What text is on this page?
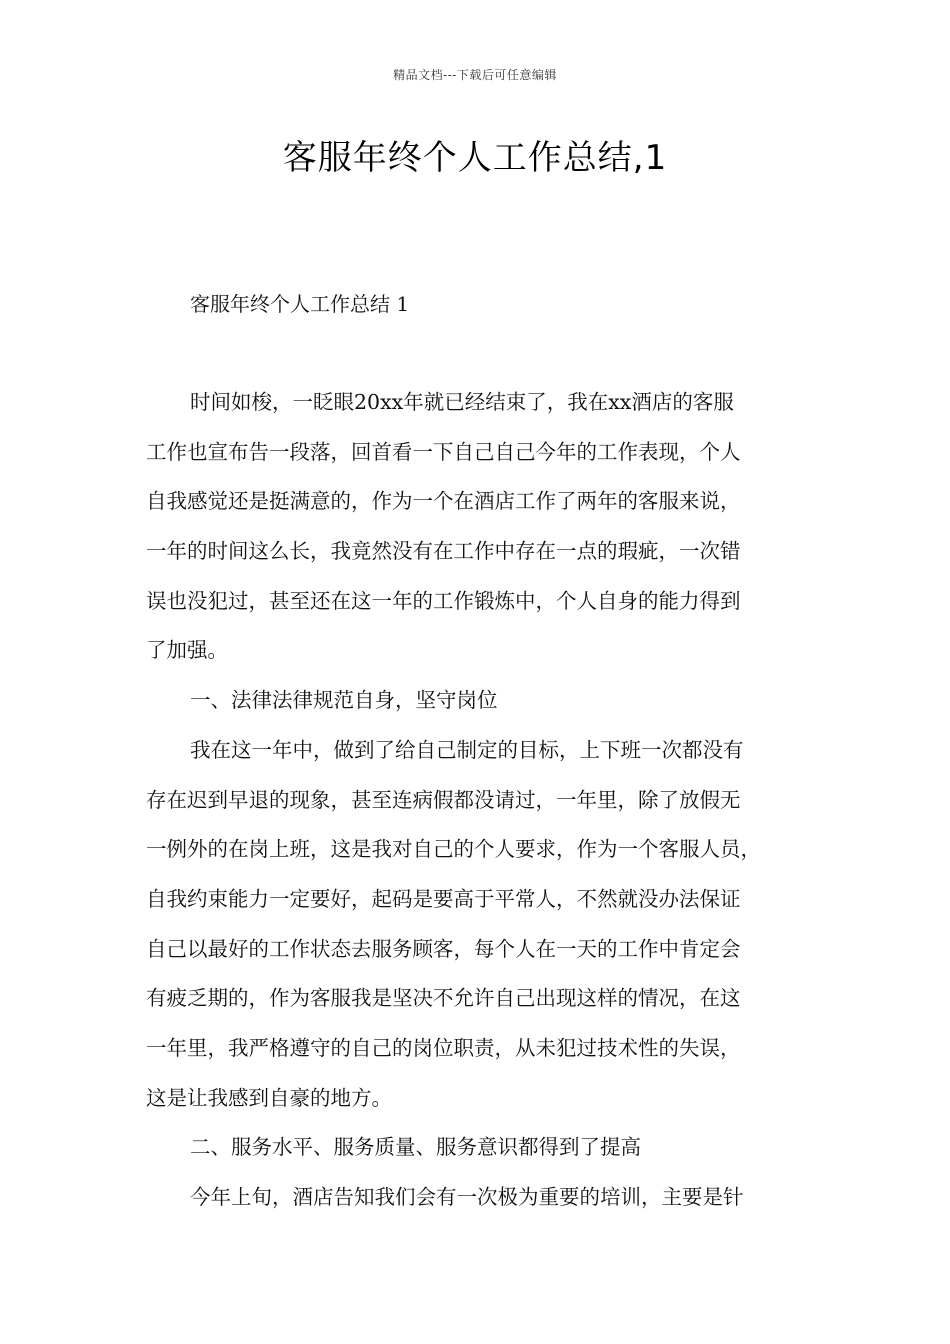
精品文档---下载后可任意编辑
客服年终个人工作总结,1

客服年终个人工作总结 1

时间如梭，一眨眼20xx年就已经结束了，我在xx酒店的客服
工作也宣布告一段落，回首看一下自己自己今年的工作表现，个人
自我感觉还是挺满意的，作为一个在酒店工作了两年的客服来说，
一年的时间这么长，我竟然没有在工作中存在一点的瑕疵，一次错
误也没犯过，甚至还在这一年的工作锻炼中，个人自身的能力得到
了加强。
一、法律法律规范自身，坚守岗位
我在这一年中，做到了给自己制定的目标，上下班一次都没有
存在迟到早退的现象，甚至连病假都没请过，一年里，除了放假无
一例外的在岗上班，这是我对自己的个人要求，作为一个客服人员，
自我约束能力一定要好，起码是要高于平常人，不然就没办法保证
自己以最好的工作状态去服务顾客，每个人在一天的工作中肯定会
有疲乏期的，作为客服我是坚决不允许自己出现这样的情况，在这
一年里，我严格遵守的自己的岗位职责，从未犯过技术性的失误，
这是让我感到自豪的地方。
二、服务水平、服务质量、服务意识都得到了提高
今年上旬，酒店告知我们会有一次极为重要的培训，主要是针
